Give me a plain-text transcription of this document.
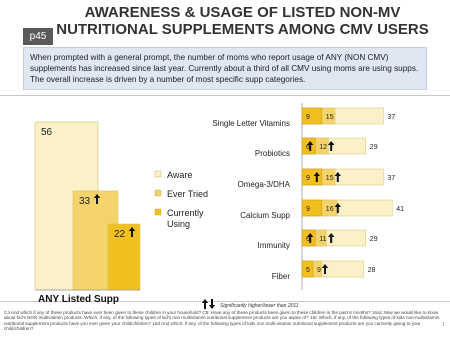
AWARENESS & USAGE OF LISTED NON-MV
NUTRITIONAL SUPPLEMENTS AMONG CMV USERS
p45
When prompted with a general prompt, the number of moms who report usage of ANY (NON CMV) supplements has increased since last year. Currently about a third of all CMV using moms are using supps. The overall increase is driven by a number of most specific supp categories.
56
33
22
ANY Listed Supp
Aware
Ever Tried
Currently
Using
Single Letter Vitamins
9 15	37
Probiotics
6 12	29
Omega-3/DHA
9 15	37
Calcium Supp
9 16	41
Immunity
6 11	29
Fiber
5 9	28
Significantly higher/lower than 2011
C4 And which if any of these products have ever been given to these children in your household? C5: Have any of these products been given to these children in the past 6 months? 16a1 Now we would like to know about kid's NON multivitamin products. Which, if any, of the following types of kid's non multivitamin nutritional supplement products are you aware of? 16c Which, if any, of the following types of kids non-multivitamin nutritional supplement products have you ever given your child/children? 16d And which, if any, of the following types of kids non multi-vitamin nutritional supplement products are you currently giving to your child/children?
1
